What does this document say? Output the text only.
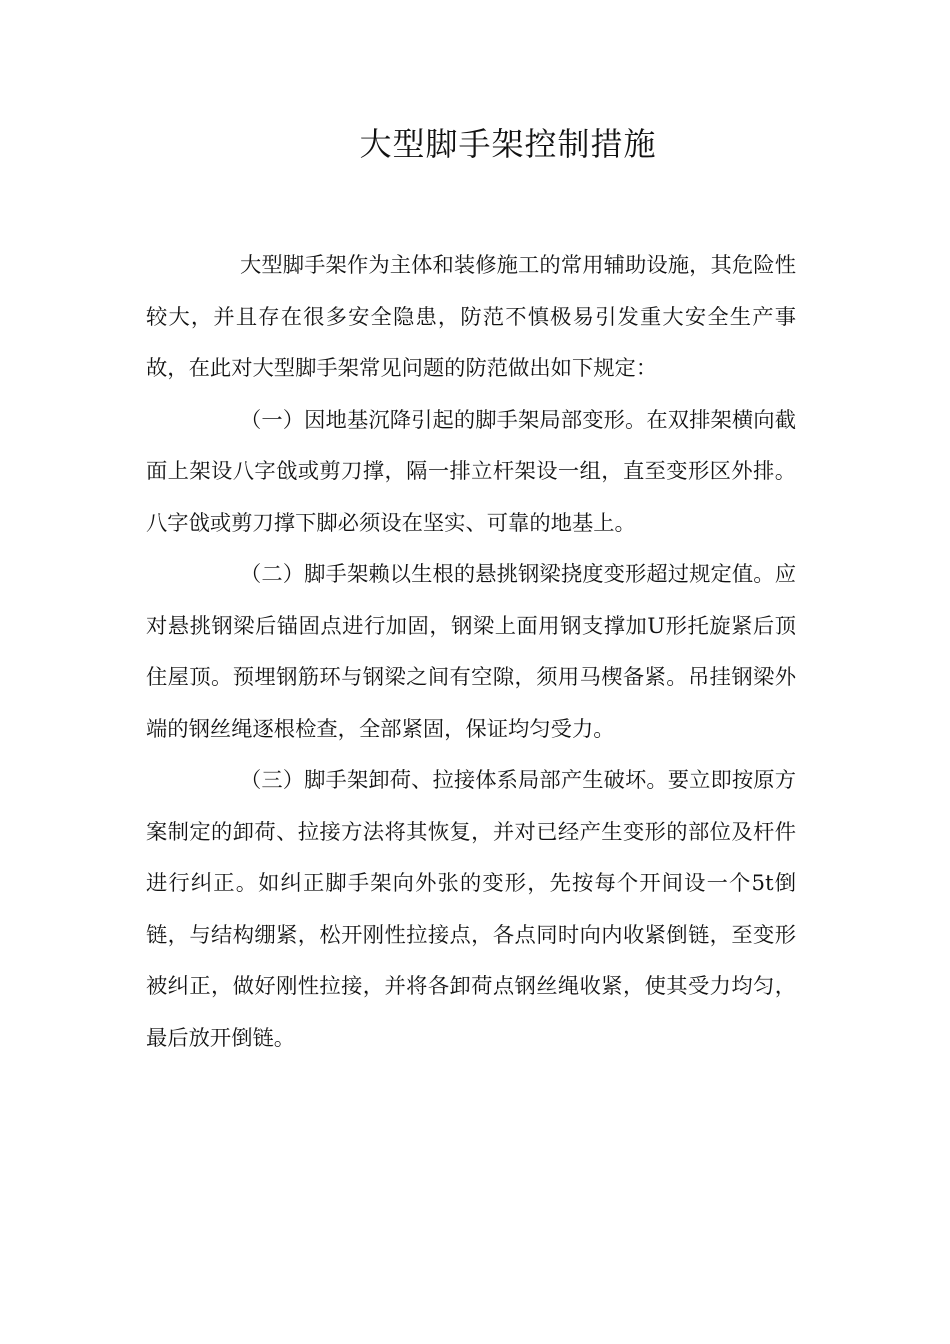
大型脚手架控制措施

大型脚手架作为主体和装修施工的常用辅助设施，其危险性较大，并且存在很多安全隐患，防范不慎极易引发重大安全生产事故，在此对大型脚手架常见问题的防范做出如下规定：

（一）因地基沉降引起的脚手架局部变形。在双排架横向截面上架设八字戗或剪刀撑，隔一排立杆架设一组，直至变形区外排。八字戗或剪刀撑下脚必须设在坚实、可靠的地基上。

（二）脚手架赖以生根的悬挑钢梁挠度变形超过规定值。应对悬挑钢梁后锚固点进行加固，钢梁上面用钢支撑加U形托旋紧后顶住屋顶。预埋钢筋环与钢梁之间有空隙，须用马楔备紧。吊挂钢梁外端的钢丝绳逐根检查，全部紧固，保证均匀受力。

（三）脚手架卸荷、拉接体系局部产生破坏。要立即按原方案制定的卸荷、拉接方法将其恢复，并对已经产生变形的部位及杆件进行纠正。如纠正脚手架向外张的变形，先按每个开间设一个5t倒链，与结构绷紧，松开刚性拉接点，各点同时向内收紧倒链，至变形被纠正，做好刚性拉接，并将各卸荷点钢丝绳收紧，使其受力均匀，最后放开倒链。
